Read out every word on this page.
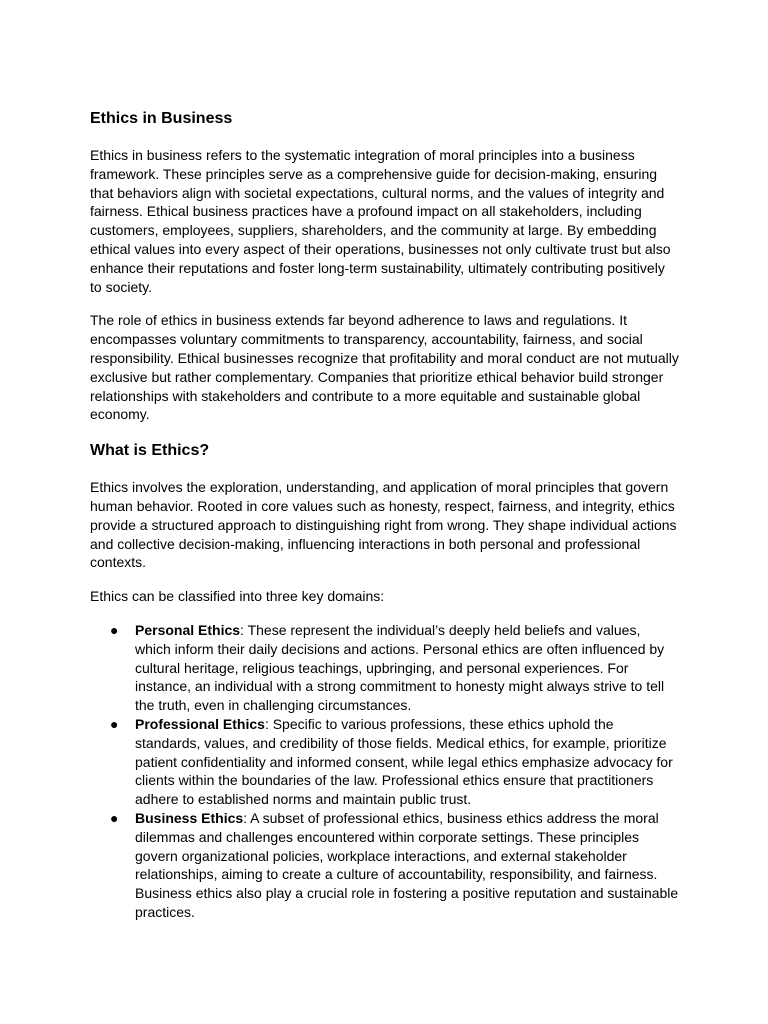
Ethics in Business

Ethics in business refers to the systematic integration of moral principles into a business framework. These principles serve as a comprehensive guide for decision-making, ensuring that behaviors align with societal expectations, cultural norms, and the values of integrity and fairness. Ethical business practices have a profound impact on all stakeholders, including customers, employees, suppliers, shareholders, and the community at large. By embedding ethical values into every aspect of their operations, businesses not only cultivate trust but also enhance their reputations and foster long-term sustainability, ultimately contributing positively to society.

The role of ethics in business extends far beyond adherence to laws and regulations. It encompasses voluntary commitments to transparency, accountability, fairness, and social responsibility. Ethical businesses recognize that profitability and moral conduct are not mutually exclusive but rather complementary. Companies that prioritize ethical behavior build stronger relationships with stakeholders and contribute to a more equitable and sustainable global economy.

What is Ethics?

Ethics involves the exploration, understanding, and application of moral principles that govern human behavior. Rooted in core values such as honesty, respect, fairness, and integrity, ethics provide a structured approach to distinguishing right from wrong. They shape individual actions and collective decision-making, influencing interactions in both personal and professional contexts.

Ethics can be classified into three key domains:

● Personal Ethics: These represent the individual’s deeply held beliefs and values, which inform their daily decisions and actions. Personal ethics are often influenced by cultural heritage, religious teachings, upbringing, and personal experiences. For instance, an individual with a strong commitment to honesty might always strive to tell the truth, even in challenging circumstances.
● Professional Ethics: Specific to various professions, these ethics uphold the standards, values, and credibility of those fields. Medical ethics, for example, prioritize patient confidentiality and informed consent, while legal ethics emphasize advocacy for clients within the boundaries of the law. Professional ethics ensure that practitioners adhere to established norms and maintain public trust.
● Business Ethics: A subset of professional ethics, business ethics address the moral dilemmas and challenges encountered within corporate settings. These principles govern organizational policies, workplace interactions, and external stakeholder relationships, aiming to create a culture of accountability, responsibility, and fairness. Business ethics also play a crucial role in fostering a positive reputation and sustainable practices.
